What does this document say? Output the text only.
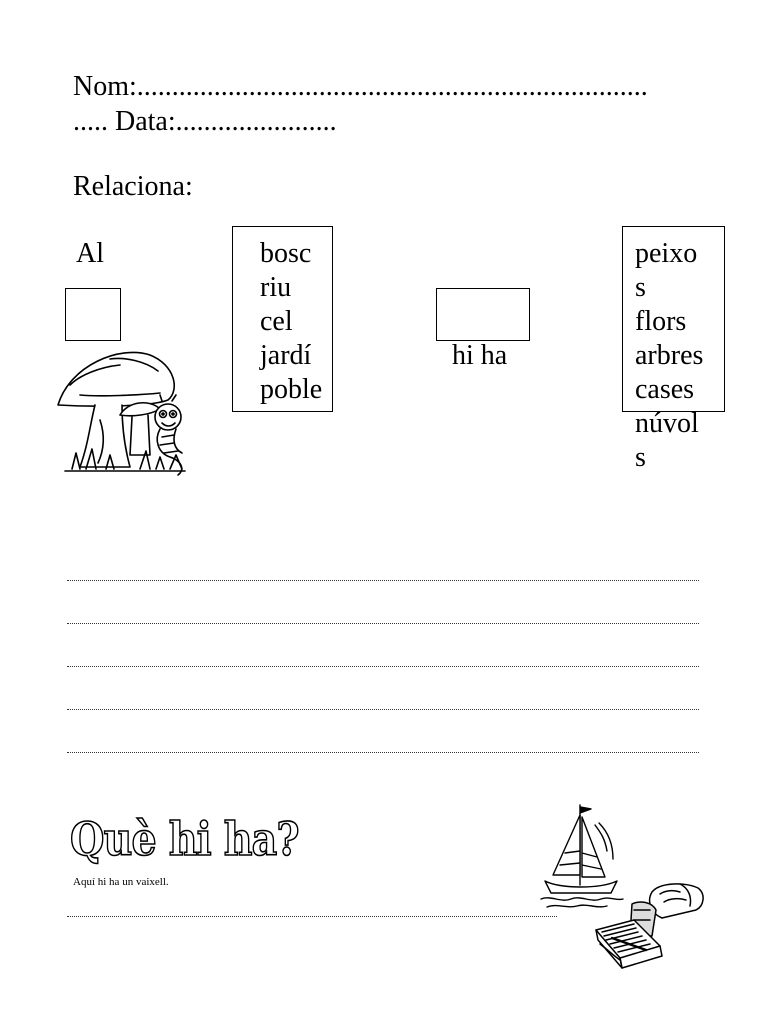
Nom:.........................................................................
..... Data:.......................
Relaciona:
Al	bosc
riu
cel
jardí
poble
hi ha
peixo
s
flors
arbres
cases
núvol
s
Què hi ha?
Aquí hi ha un vaixell.
